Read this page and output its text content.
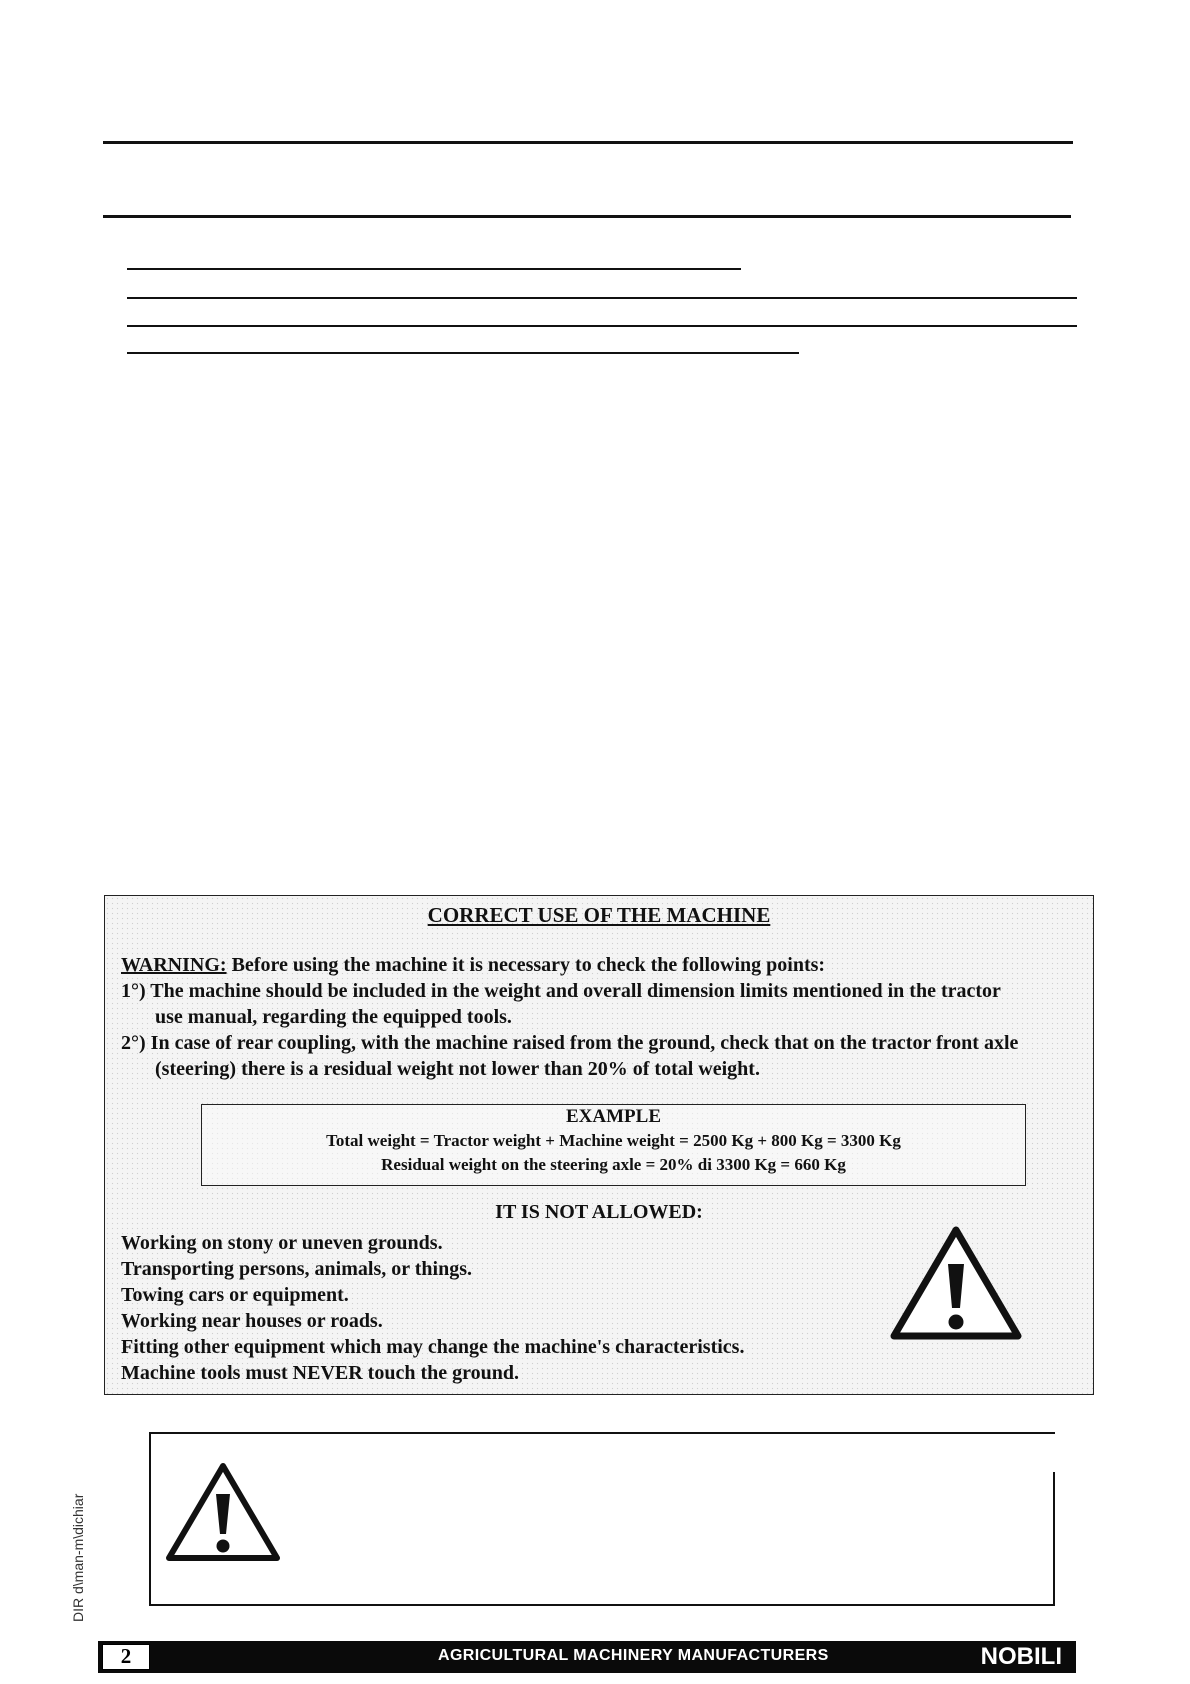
CORRECT USE OF THE MACHINE

WARNING: Before using the machine it is necessary to check the following points:

1°) The machine should be included in the weight and overall dimension limits mentioned in the tractor

use manual, regarding the equipped tools.

2°) In case of rear coupling, with the machine raised from the ground, check that on the tractor front axle

(steering) there is a residual weight not lower than 20% of total weight.

EXAMPLE
Total weight = Tractor weight + Machine weight = 2500 Kg + 800 Kg = 3300 Kg
Residual weight on the steering axle = 20% di 3300 Kg = 660 Kg
IT IS NOT ALLOWED:
Working on stony or uneven grounds.
Transporting persons, animals, or things.
Towing cars or equipment.
Working near houses or roads.
Fitting other equipment which may change the machine's characteristics.
Machine tools must NEVER touch the ground.
DIR d\man-m\dichiar
2	AGRICULTURAL MACHINERY MANUFACTURERS	NOBILI
